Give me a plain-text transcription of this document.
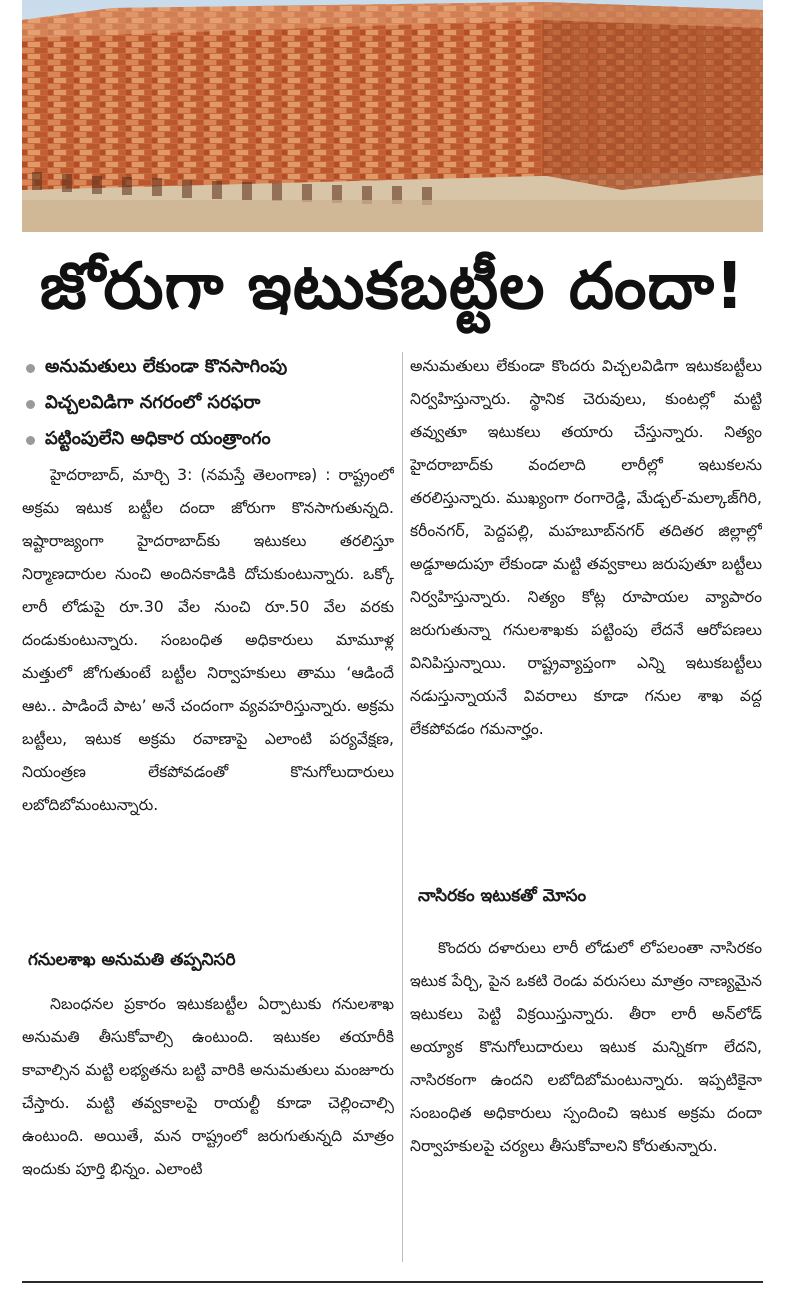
జోరుగా ఇటుకబట్టీల దందా!
అనుమతులు లేకుండా కొనసాగింపు
విచ్చలవిడిగా నగరంలో సరఫరా
పట్టింపులేని అధికార యంత్రాంగం

హైదరాబాద్, మార్చి 3: (నమస్తే తెలంగాణ) : రాష్ట్రంలో అక్రమ ఇటుక బట్టీల దందా జోరుగా కొనసాగుతున్నది. ఇష్టారాజ్యంగా హైదరాబాద్‌కు ఇటుకలు తరలిస్తూ నిర్మాణదారుల నుంచి అందినకాడికి దోచుకుంటున్నారు. ఒక్కో లారీ లోడుపై రూ.30 వేల నుంచి రూ.50 వేల వరకు దండుకుంటున్నారు. సంబంధిత అధికారులు మామూళ్ల మత్తులో జోగుతుంటే బట్టీల నిర్వాహకులు తాము ‘ఆడిందే ఆట.. పాడిందే పాట’ అనే చందంగా వ్యవహరిస్తున్నారు. అక్రమ బట్టీలు, ఇటుక అక్రమ రవాణాపై ఎలాంటి పర్యవేక్షణ, నియంత్రణ లేకపోవడంతో కొనుగోలుదారులు లబోదిబోమంటున్నారు.

గనులశాఖ అనుమతి తప్పనిసరి

నిబంధనల ప్రకారం ఇటుకబట్టీల ఏర్పాటుకు గనులశాఖ అనుమతి తీసుకోవాల్సి ఉంటుంది. ఇటుకల తయారీకి కావాల్సిన మట్టి లభ్యతను బట్టి వారికి అనుమతులు మంజూరు చేస్తారు. మట్టి తవ్వకాలపై రాయల్టీ కూడా చెల్లించాల్సి ఉంటుంది. అయితే, మన రాష్ట్రంలో జరుగుతున్నది మాత్రం ఇందుకు పూర్తి భిన్నం. ఎలాంటి

అనుమతులు లేకుండా కొందరు విచ్చలవిడిగా ఇటుకబట్టీలు నిర్వహిస్తున్నారు. స్థానిక చెరువులు, కుంటల్లో మట్టి తవ్వుతూ ఇటుకలు తయారు చేస్తున్నారు. నిత్యం హైదరాబాద్‌కు వందలాది లారీల్లో ఇటుకలను తరలిస్తున్నారు. ముఖ్యంగా రంగారెడ్డి, మేడ్చల్-మల్కాజ్‌గిరి, కరీంనగర్, పెద్దపల్లి, మహబూబ్‌నగర్ తదితర జిల్లాల్లో అడ్డూఅదుపూ లేకుండా మట్టి తవ్వకాలు జరుపుతూ బట్టీలు నిర్వహిస్తున్నారు. నిత్యం కోట్ల రూపాయల వ్యాపారం జరుగుతున్నా గనులశాఖకు పట్టింపు లేదనే ఆరోపణలు వినిపిస్తున్నాయి. రాష్ట్రవ్యాప్తంగా ఎన్ని ఇటుకబట్టీలు నడుస్తున్నాయనే వివరాలు కూడా గనుల శాఖ వద్ద లేకపోవడం గమనార్హం.

నాసిరకం ఇటుకతో మోసం

కొందరు దళారులు లారీ లోడులో లోపలంతా నాసిరకం ఇటుక పేర్చి, పైన ఒకటి రెండు వరుసలు మాత్రం నాణ్యమైన ఇటుకలు పెట్టి విక్రయిస్తున్నారు. తీరా లారీ అన్‌లోడ్ అయ్యాక కొనుగోలుదారులు ఇటుక మన్నికగా లేదని, నాసిరకంగా ఉందని లబోదిబోమంటున్నారు. ఇప్పటికైనా సంబంధిత అధికారులు స్పందించి ఇటుక అక్రమ దందా నిర్వాహకులపై చర్యలు తీసుకోవాలని కోరుతున్నారు.
